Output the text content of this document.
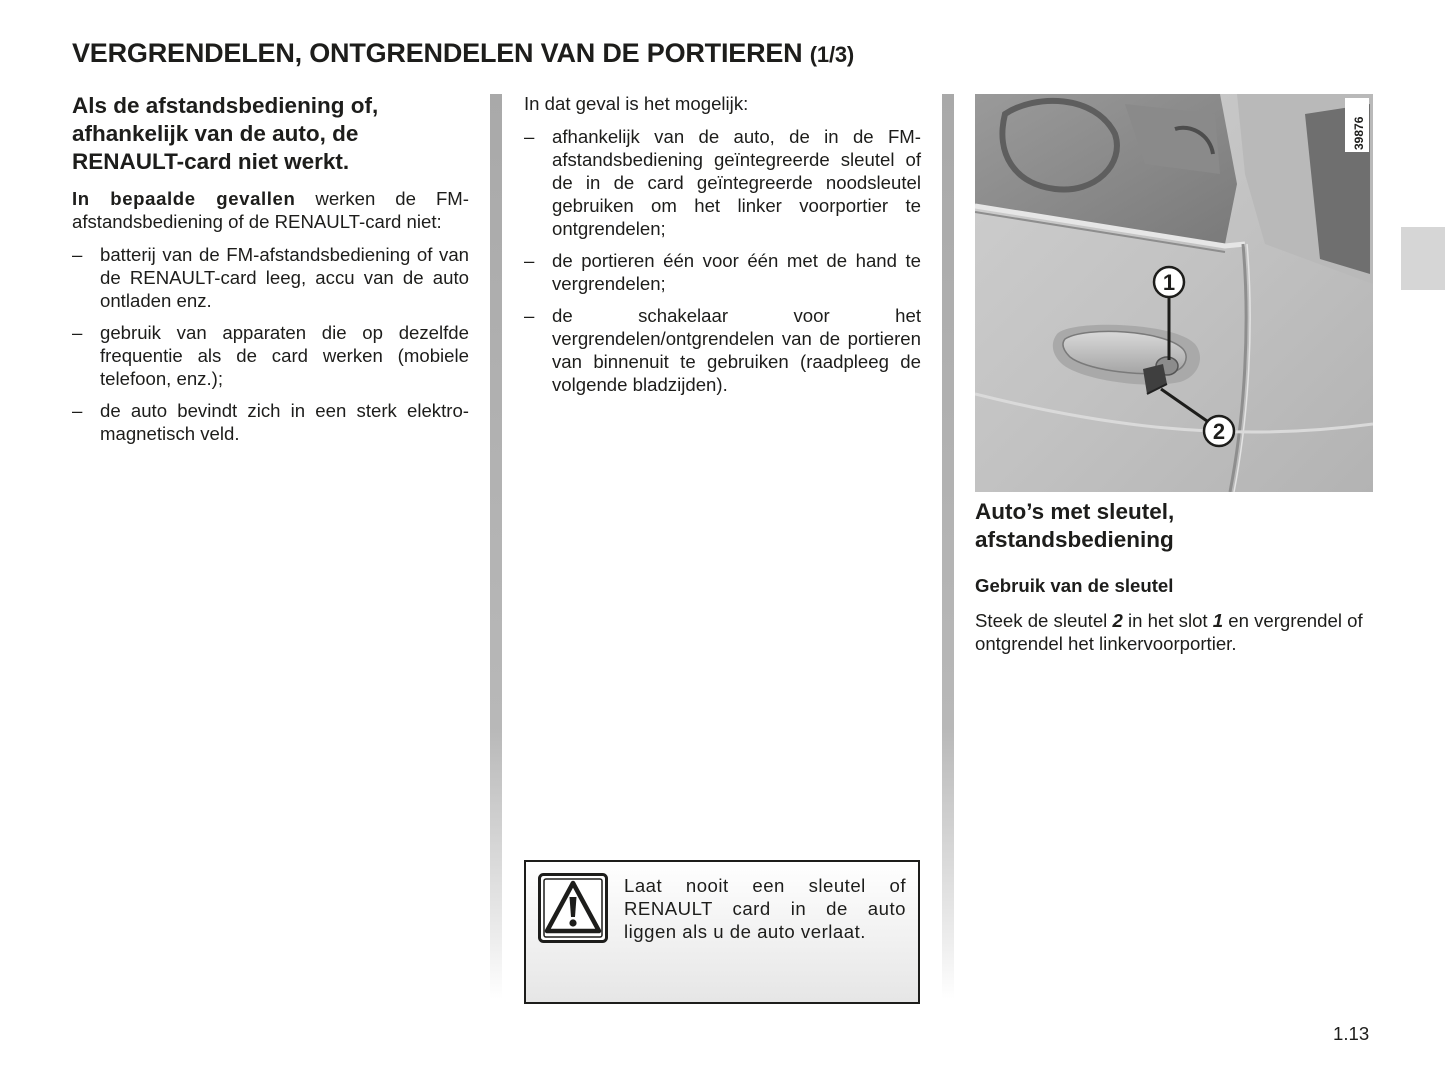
VERGRENDELEN, ONTGRENDELEN VAN DE PORTIEREN (1/3)
Als de afstandsbediening of, afhankelijk van de auto, de RENAULT-card niet werkt.

In bepaalde gevallen werken de FM-afstandsbediening of de RENAULT-card niet:

– batterij van de FM-afstandsbediening of van de RENAULT-card leeg, accu van de auto ontladen enz.
– gebruik van apparaten die op dezelfde frequentie als de card werken (mobiele telefoon, enz.);
– de auto bevindt zich in een sterk elektro-magnetisch veld.

In dat geval is het mogelijk:

– afhankelijk van de auto, de in de FM-afstandsbediening geïntegreerde sleutel of de in de card geïntegreerde noodsleutel gebruiken om het linker voorportier te ontgrendelen;
– de portieren één voor één met de hand te vergrendelen;
– de schakelaar voor het vergrendelen/ontgrendelen van de portieren van binnenuit te gebruiken (raadpleeg de volgende bladzijden).

Laat nooit een sleutel of RENAULT card in de auto liggen als u de auto verlaat.

1
2
39876
Auto’s met sleutel, afstandsbediening
Gebruik van de sleutel

Steek de sleutel 2 in het slot 1 en vergrendel of ontgrendel het linkervoorportier.

1.13
